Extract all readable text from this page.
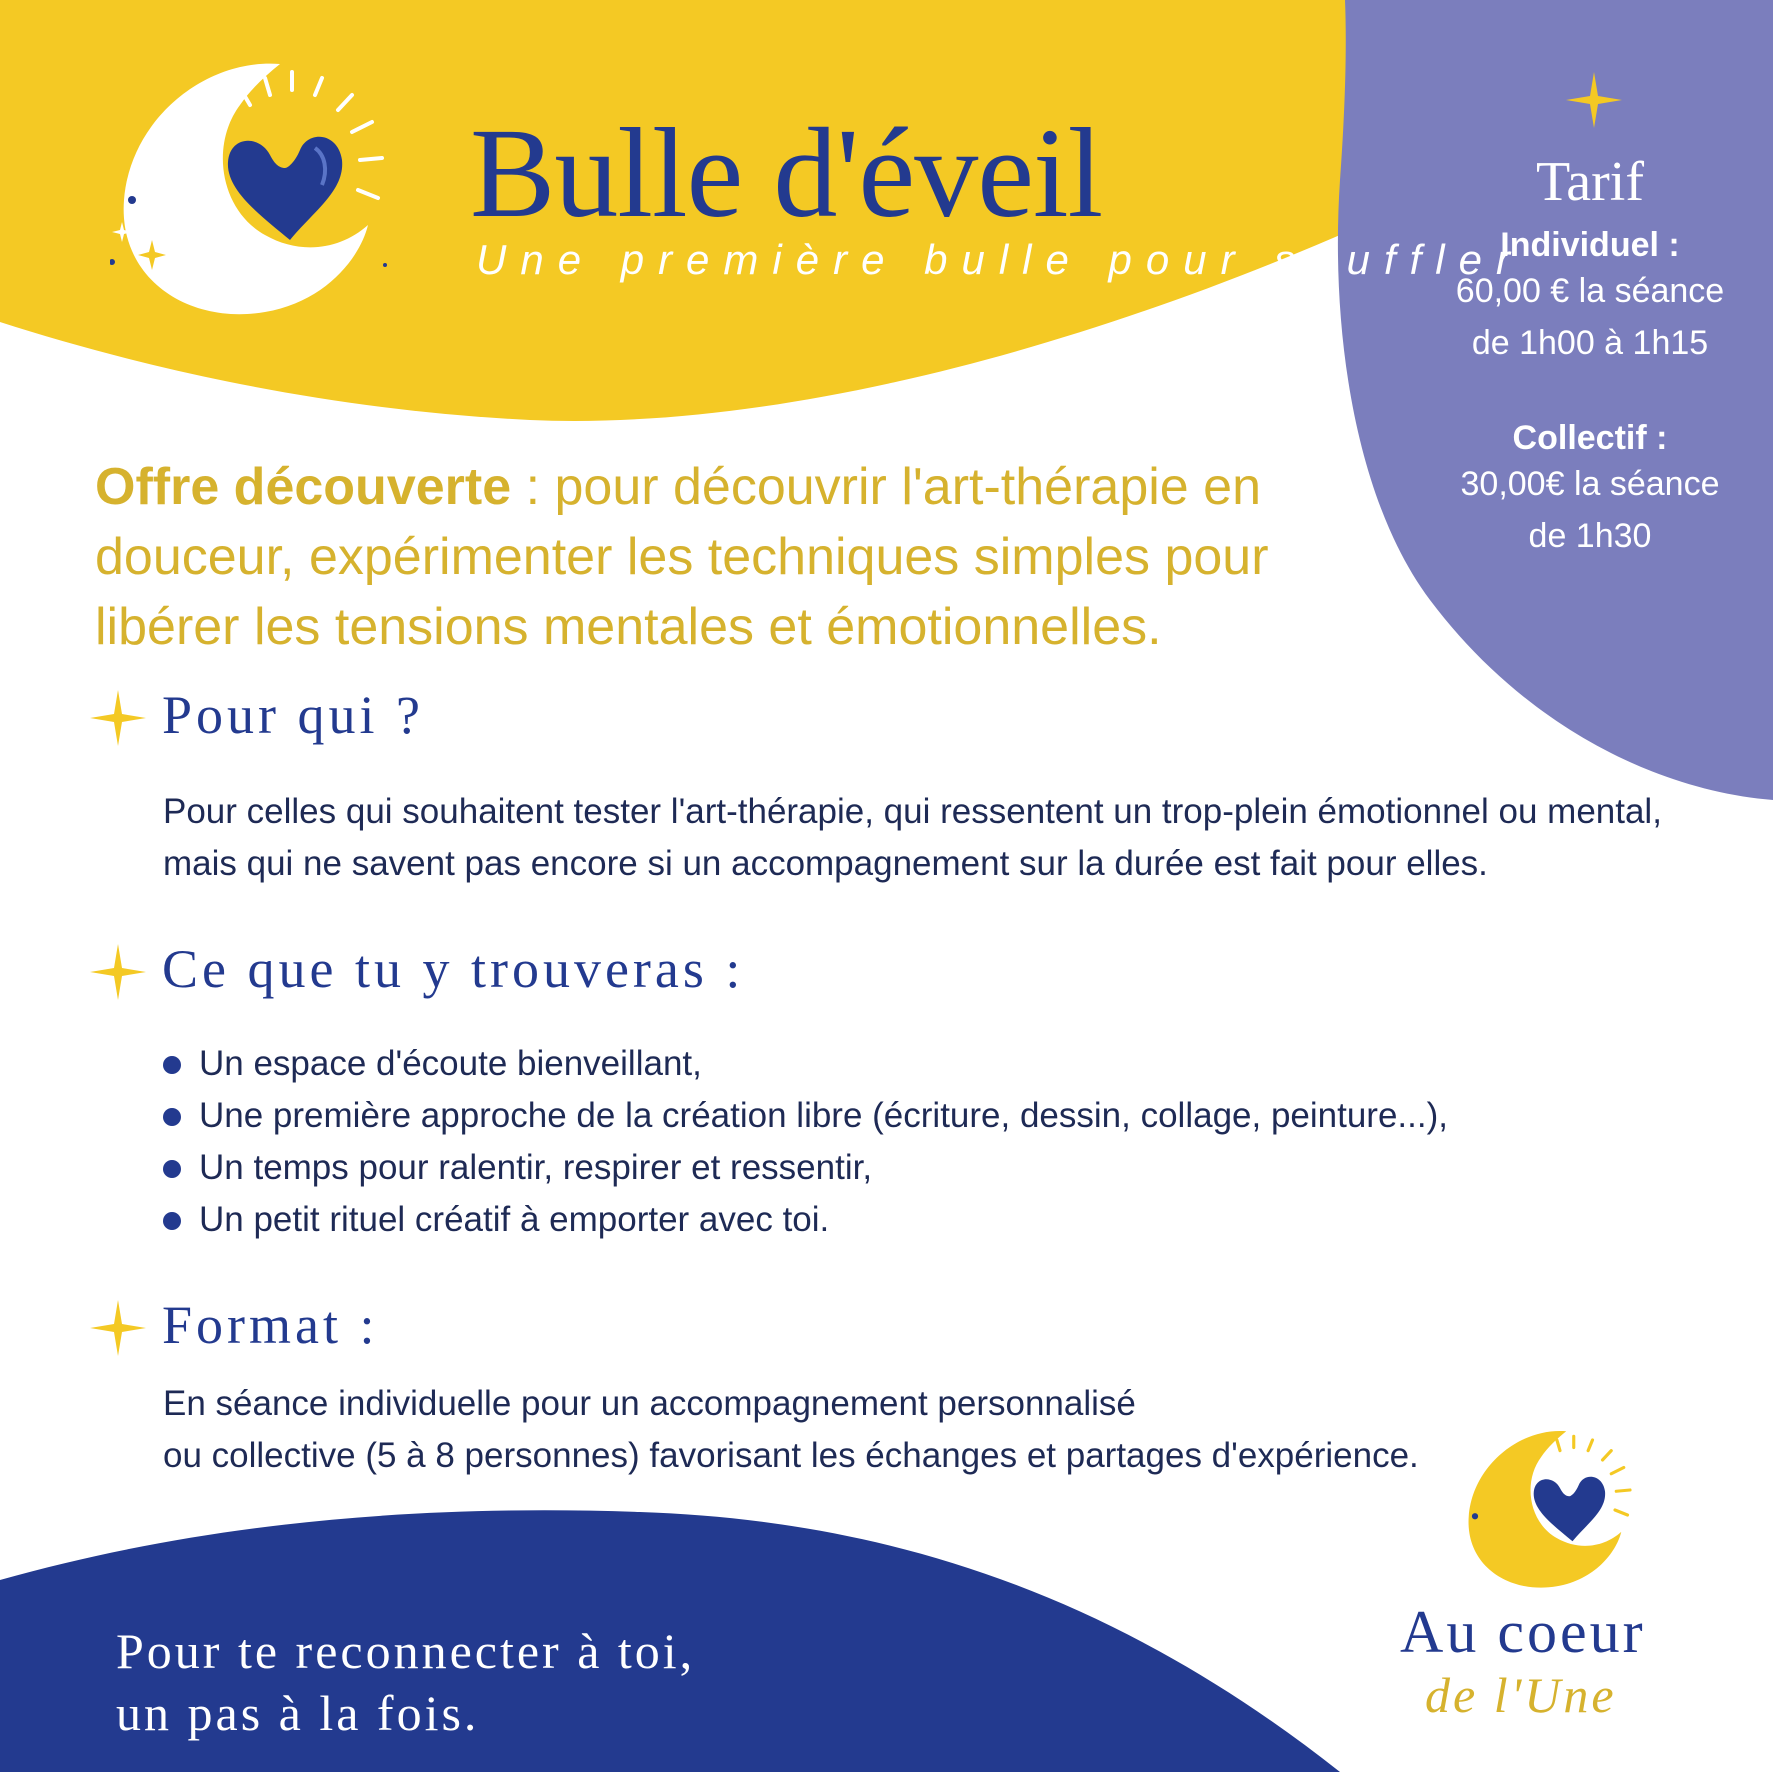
Bulle d'éveil
Une première bulle pour souffler
Tarif
Individuel :
60,00 € la séance
de 1h00 à 1h15
Collectif :
30,00€ la séance
de 1h30
Offre découverte : pour découvrir l'art-thérapie en douceur, expérimenter les techniques simples pour libérer les tensions mentales et émotionnelles.
Pour qui ?
Pour celles qui souhaitent tester l'art-thérapie, qui ressentent un trop-plein émotionnel ou mental,
mais qui ne savent pas encore si un accompagnement sur la durée est fait pour elles.
Ce que tu y trouveras :
Un espace d'écoute bienveillant,
Une première approche de la création libre (écriture, dessin, collage, peinture...),
Un temps pour ralentir, respirer et ressentir,
Un petit rituel créatif à emporter avec toi.
Format :
En séance individuelle pour un accompagnement personnalisé
ou collective (5 à 8 personnes) favorisant les échanges et partages d'expérience.
Pour te reconnecter à toi,
un pas à la fois.
Au coeur
de l'Une
